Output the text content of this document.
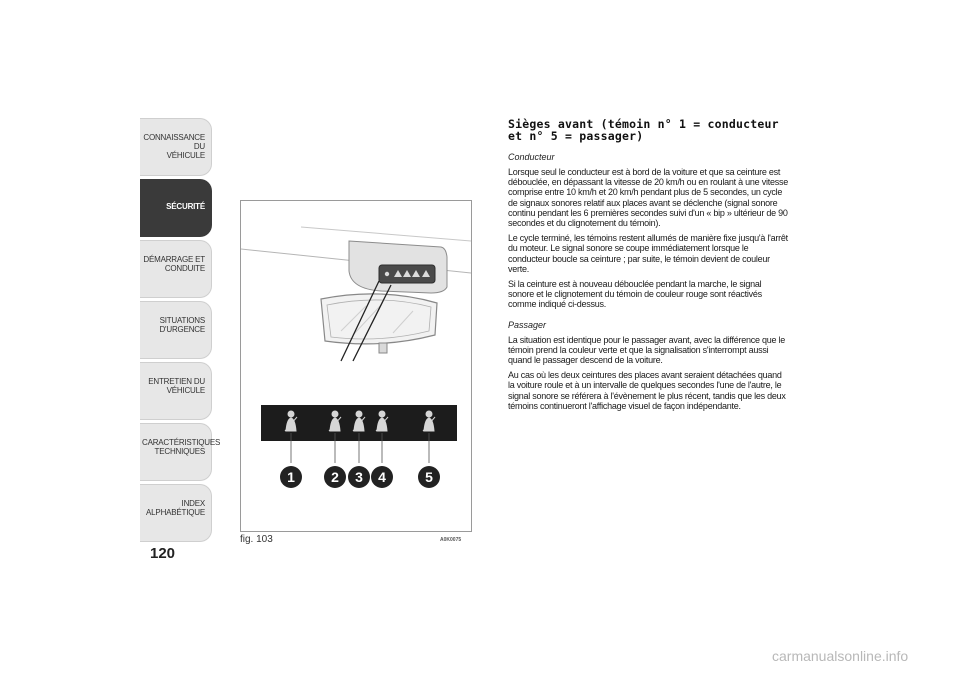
CONNAISSANCE DU
VÉHICULE
SÉCURITÉ
DÉMARRAGE ET
CONDUITE
SITUATIONS
D'URGENCE
ENTRETIEN DU
VÉHICULE
CARACTÉRISTIQUES
TECHNIQUES
INDEX
ALPHABÉTIQUE
120
1	2 3 4	5
fig. 103	A0K0075
Sièges avant (témoin n° 1 = conducteur et n° 5 = passager)
Conducteur

Lorsque seul le conducteur est à bord de la voiture et que sa ceinture est débouclée, en dépassant la vitesse de 20 km/h ou en roulant à une vitesse comprise entre 10 km/h et 20 km/h pendant plus de 5 secondes, un cycle de signaux sonores relatif aux places avant se déclenche (signal sonore continu pendant les 6 premières secondes suivi d'un « bip » ultérieur de 90 secondes et du clignotement du témoin).

Le cycle terminé, les témoins restent allumés de manière fixe jusqu'à l'arrêt du moteur. Le signal sonore se coupe immédiatement lorsque le conducteur boucle sa ceinture ; par suite, le témoin devient de couleur verte.

Si la ceinture est à nouveau débouclée pendant la marche, le signal sonore et le clignotement du témoin de couleur rouge sont réactivés comme indiqué ci-dessus.

Passager

La situation est identique pour le passager avant, avec la différence que le témoin prend la couleur verte et que la signalisation s'interrompt aussi quand le passager descend de la voiture.

Au cas où les deux ceintures des places avant seraient détachées quand la voiture roule et à un intervalle de quelques secondes l'une de l'autre, le signal sonore se référera à l'évènement le plus récent, tandis que les deux témoins continueront l'affichage visuel de façon indépendante.

carmanualsonline.info
